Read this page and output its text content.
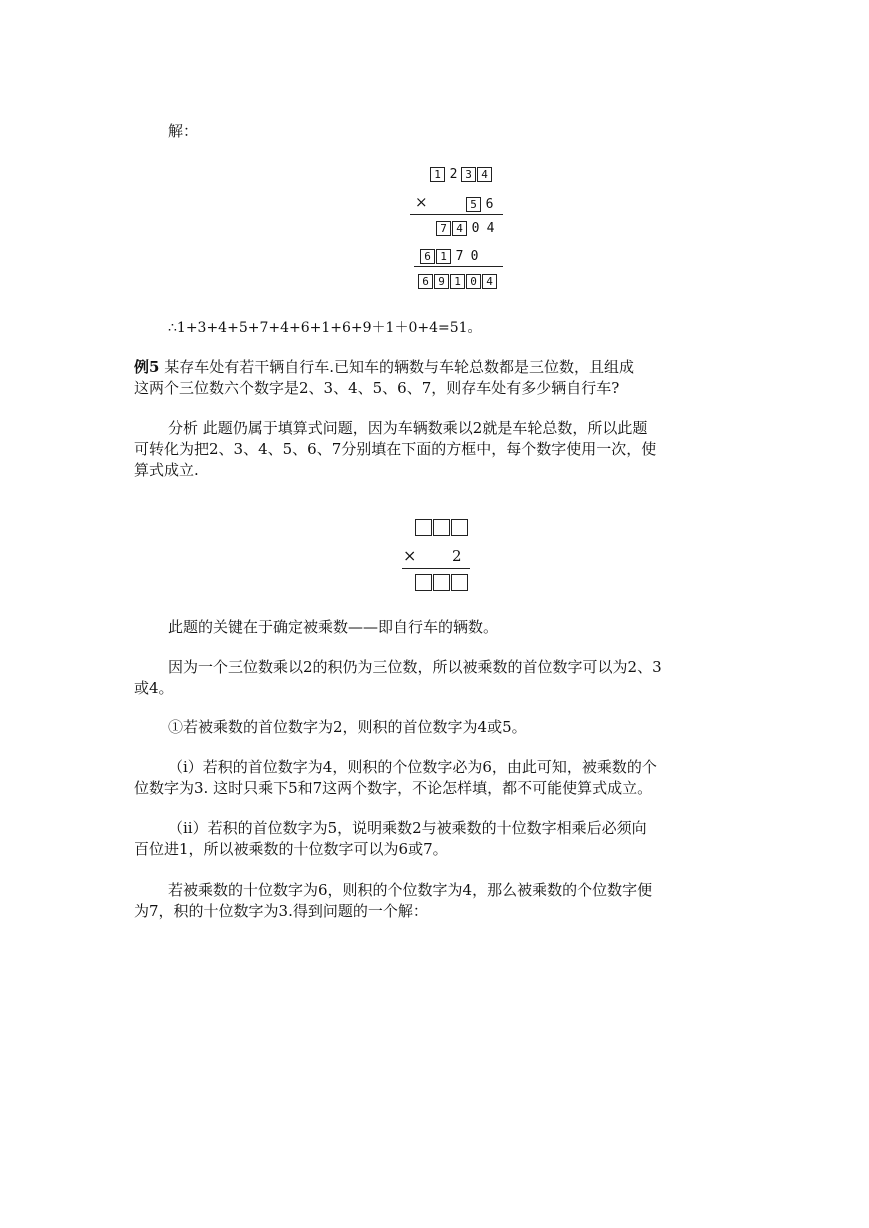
解：
1 2 3 4
×	5 6
7 4 0 4
6 1 7 0
6 9 1 0 4
∴1+3+4+5+7+4+6+1+6+9＋1＋0+4=51。
例5 某存车处有若干辆自行车.已知车的辆数与车轮总数都是三位数，且组成
这两个三位数六个数字是2、3、4、5、6、7，则存车处有多少辆自行车?
分析 此题仍属于填算式问题，因为车辆数乘以2就是车轮总数，所以此题
可转化为把2、3、4、5、6、7分别填在下面的方框中，每个数字使用一次，使
算式成立.
× 2
此题的关键在于确定被乘数——即自行车的辆数。
因为一个三位数乘以2的积仍为三位数，所以被乘数的首位数字可以为2、3
或4。
①若被乘数的首位数字为2，则积的首位数字为4或5。
（i）若积的首位数字为4，则积的个位数字必为6，由此可知，被乘数的个
位数字为3. 这时只乘下5和7这两个数字，不论怎样填，都不可能使算式成立。
（ii）若积的首位数字为5，说明乘数2与被乘数的十位数字相乘后必须向
百位进1，所以被乘数的十位数字可以为6或7。
若被乘数的十位数字为6，则积的个位数字为4，那么被乘数的个位数字便
为7，积的十位数字为3.得到问题的一个解：
